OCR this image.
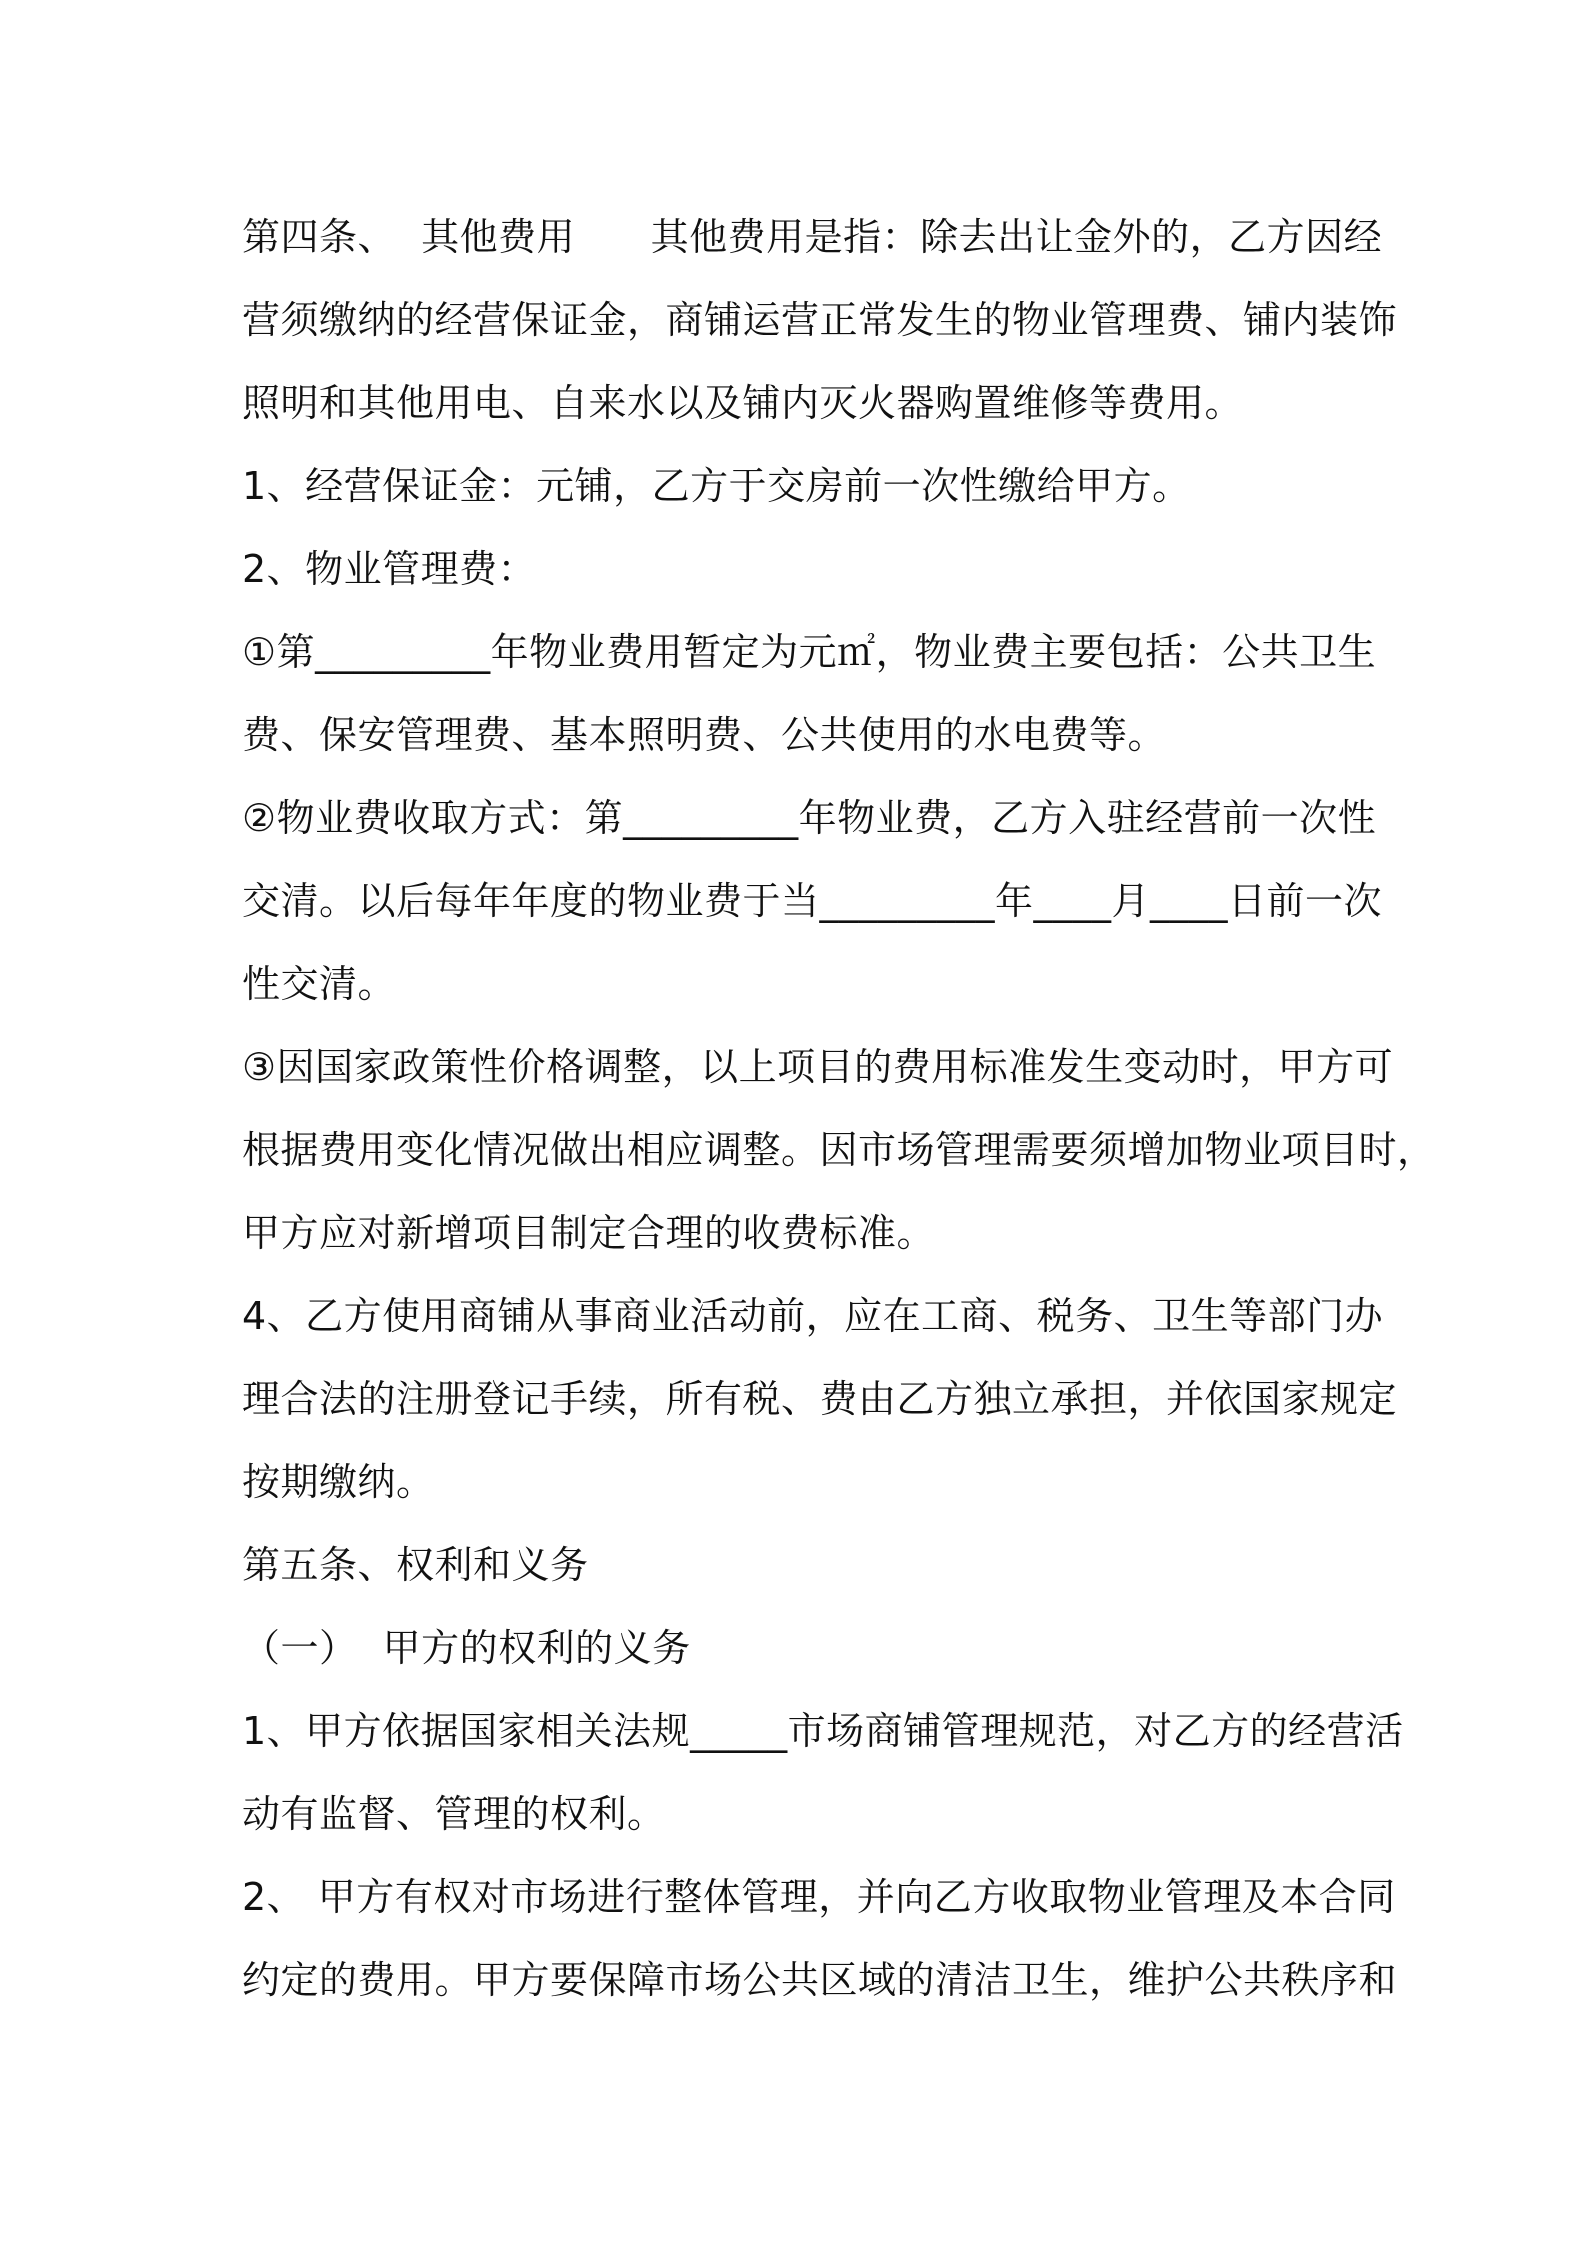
第四条、  其他费用      其他费用是指：除去出让金外的，乙方因经
营须缴纳的经营保证金，商铺运营正常发生的物业管理费、铺内装饰
照明和其他用电、自来水以及铺内灭火器购置维修等费用。
1、经营保证金：元铺，乙方于交房前一次性缴给甲方。
2、物业管理费：
①第_________年物业费用暂定为元㎡，物业费主要包括：公共卫生
费、保安管理费、基本照明费、公共使用的水电费等。
②物业费收取方式：第_________年物业费，乙方入驻经营前一次性
交清。以后每年年度的物业费于当_________年____月____日前一次
性交清。
③因国家政策性价格调整，以上项目的费用标准发生变动时，甲方可
根据费用变化情况做出相应调整。因市场管理需要须增加物业项目时，
甲方应对新增项目制定合理的收费标准。
4、乙方使用商铺从事商业活动前，应在工商、税务、卫生等部门办
理合法的注册登记手续，所有税、费由乙方独立承担，并依国家规定
按期缴纳。
第五条、权利和义务
（一）  甲方的权利的义务
1、甲方依据国家相关法规_____市场商铺管理规范，对乙方的经营活
动有监督、管理的权利。
2、 甲方有权对市场进行整体管理，并向乙方收取物业管理及本合同
约定的费用。甲方要保障市场公共区域的清洁卫生，维护公共秩序和
